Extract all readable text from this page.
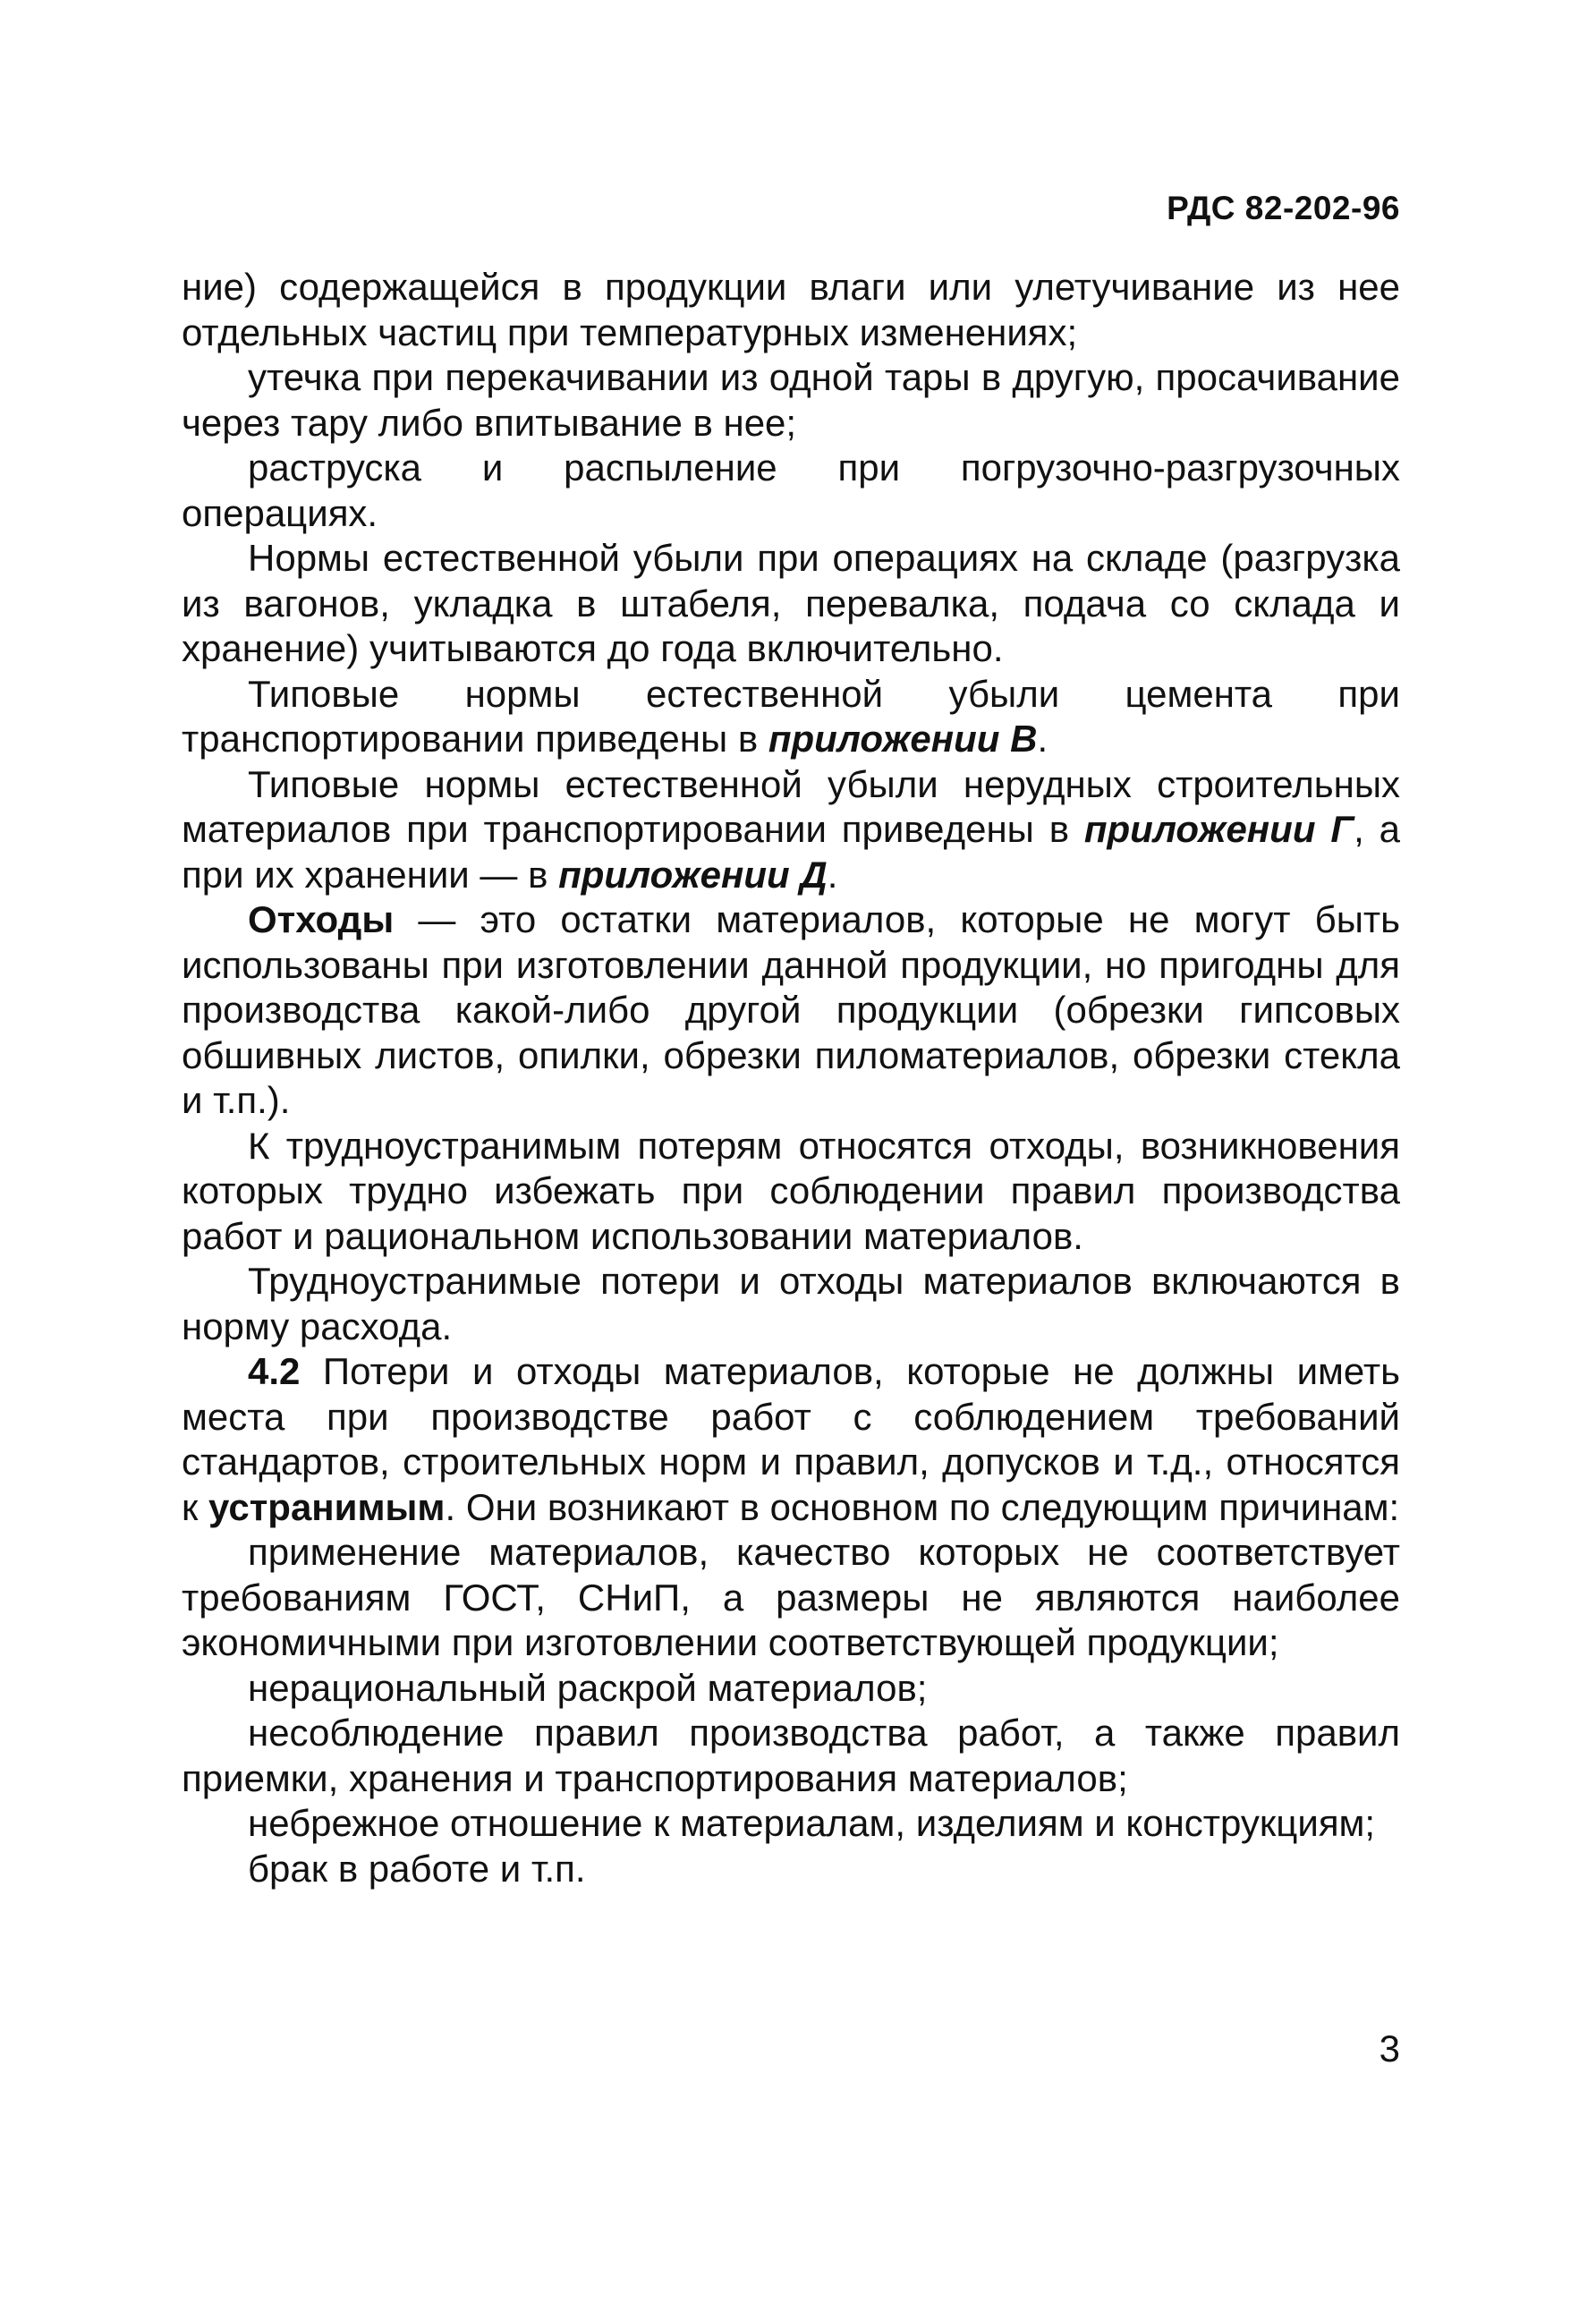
РДС 82-202-96

ние) содержащейся в продукции влаги или улетучивание из нее отдельных частиц при температурных изменениях;

утечка при перекачивании из одной тары в другую, просачивание через тару либо впитывание в нее;

раструска и распыление при погрузочно-разгрузочных операциях.

Нормы естественной убыли при операциях на складе (разгрузка из вагонов, укладка в штабеля, перевалка, подача со склада и хранение) учитываются до года включительно.

Типовые нормы естественной убыли цемента при транспортировании приведены в приложении В.

Типовые нормы естественной убыли нерудных строительных материалов при транспортировании приведены в приложении Г, а при их хранении — в приложении Д.

Отходы — это остатки материалов, которые не могут быть использованы при изготовлении данной продукции, но пригодны для производства какой-либо другой продукции (обрезки гипсовых обшивных листов, опилки, обрезки пиломатериалов, обрезки стекла и т.п.).

К трудноустранимым потерям относятся отходы, возникновения которых трудно избежать при соблюдении правил производства работ и рациональном использовании материалов.

Трудноустранимые потери и отходы материалов включаются в норму расхода.

4.2 Потери и отходы материалов, которые не должны иметь места при производстве работ с соблюдением требований стандартов, строительных норм и правил, допусков и т.д., относятся к устранимым. Они возникают в основном по следующим причинам:

применение материалов, качество которых не соответствует требованиям ГОСТ, СНиП, а размеры не являются наиболее экономичными при изготовлении соответствующей продукции;

нерациональный раскрой материалов;

несоблюдение правил производства работ, а также правил приемки, хранения и транспортирования материалов;

небрежное отношение к материалам, изделиям и конструкциям;

брак в работе и т.п.

3
